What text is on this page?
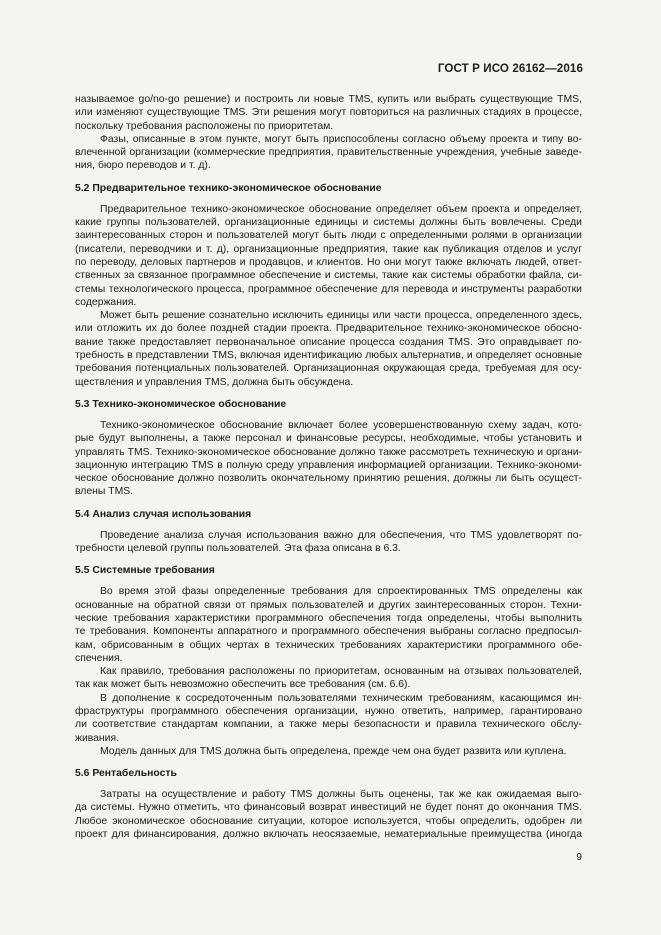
ГОСТ Р ИСО 26162—2016
называемое go/no-go решение) и построить ли новые TMS, купить или выбрать существующие TMS,
или изменяют существующие TMS. Эти решения могут повториться на различных стадиях в процессе,
поскольку требования расположены по приоритетам.
Фазы, описанные в этом пункте, могут быть приспособлены согласно объему проекта и типу во-
влеченной организации (коммерческие предприятия, правительственные учреждения, учебные заведе-
ния, бюро переводов и т. д).
5.2 Предварительное технико-экономическое обоснование
Предварительное технико-экономическое обоснование определяет объем проекта и определяет,
какие группы пользователей, организационные единицы и системы должны быть вовлечены. Среди
заинтересованных сторон и пользователей могут быть люди с определенными ролями в организации
(писатели, переводчики и т. д), организационные предприятия, такие как публикация отделов и услуг
по переводу, деловых партнеров и продавцов, и клиентов. Но они могут также включать людей, ответ-
ственных за связанное программное обеспечение и системы, такие как системы обработки файла, си-
стемы технологического процесса, программное обеспечение для перевода и инструменты разработки
содержания.
Может быть решение сознательно исключить единицы или части процесса, определенного здесь,
или отложить их до более поздней стадии проекта. Предварительное технико-экономическое обосно-
вание также предоставляет первоначальное описание процесса создания TMS. Это оправдывает по-
требность в представлении TMS, включая идентификацию любых альтернатив, и определяет основные
требования потенциальных пользователей. Организационная окружающая среда, требуемая для осу-
ществления и управления TMS, должна быть обсуждена.
5.3 Технико-экономическое обоснование
Технико-экономическое обоснование включает более усовершенствованную схему задач, кото-
рые будут выполнены, а также персонал и финансовые ресурсы, необходимые, чтобы установить и
управлять TMS. Технико-экономическое обоснование должно также рассмотреть техническую и органи-
зационную интеграцию TMS в полную среду управления информацией организации. Технико-экономи-
ческое обоснование должно позволить окончательному принятию решения, должны ли быть осущест-
влены TMS.
5.4 Анализ случая использования
Проведение анализа случая использования важно для обеспечения, что TMS удовлетворят по-
требности целевой группы пользователей. Эта фаза описана в 6.3.
5.5 Системные требования
Во время этой фазы определенные требования для спроектированных TMS определены как
основанные на обратной связи от прямых пользователей и других заинтересованных сторон. Техни-
ческие требования характеристики программного обеспечения тогда определены, чтобы выполнить
те требования. Компоненты аппаратного и программного обеспечения выбраны согласно предпосыл-
кам, обрисованным в общих чертах в технических требованиях характеристики программного обе-
спечения.
Как правило, требования расположены по приоритетам, основанным на отзывах пользователей,
так как может быть невозможно обеспечить все требования (см. 6.6).
В дополнение к сосредоточенным пользователями техническим требованиям, касающимся ин-
фраструктуры программного обеспечения организации, нужно ответить, например, гарантировано
ли соответствие стандартам компании, а также меры безопасности и правила технического обслу-
живания.
Модель данных для TMS должна быть определена, прежде чем она будет развита или куплена.
5.6 Рентабельность
Затраты на осуществление и работу TMS должны быть оценены, так же как ожидаемая выго-
да системы. Нужно отметить, что финансовый возврат инвестиций не будет понят до окончания TMS.
Любое экономическое обоснование ситуации, которое используется, чтобы определить, одобрен ли
проект для финансирования, должно включать неосязаемые, нематериальные преимущества (иногда
9
